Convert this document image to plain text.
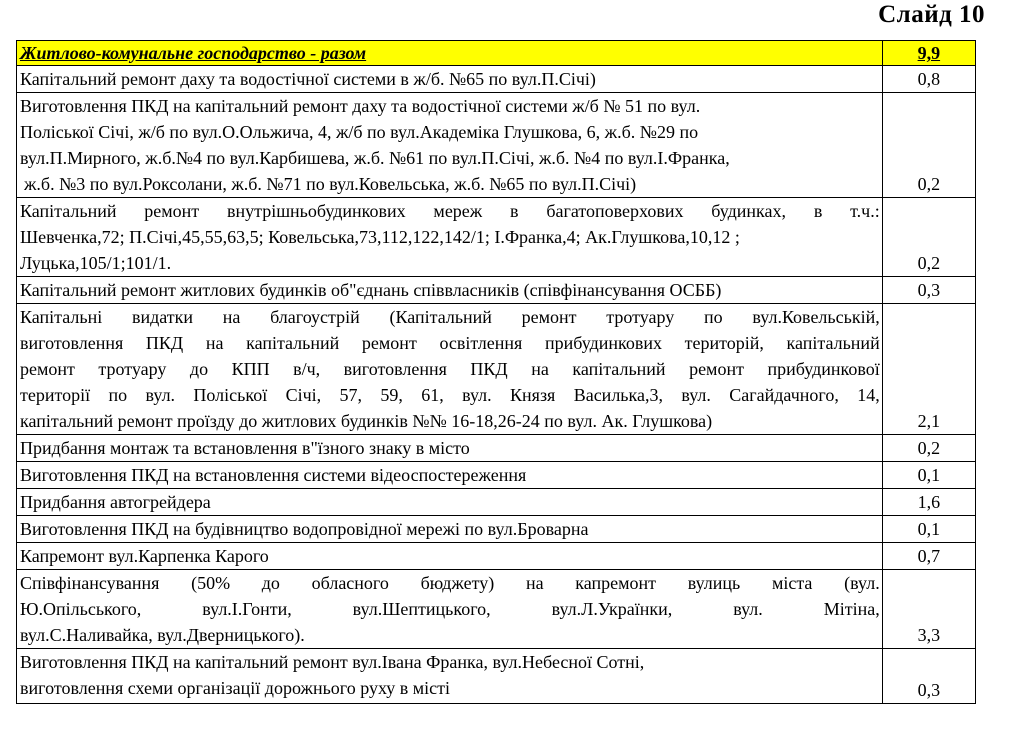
Слайд 10
Житлово-комунальне господарство - разом	9,9

Капітальний ремонт даху та водостічної системи в ж/б. №65 по вул.П.Січі)	0,8

Виготовлення ПКД на капітальний ремонт даху та водостічної системи ж/б № 51 по вул.
Поліської Січі, ж/б по вул.О.Ольжича, 4, ж/б по вул.Академіка Глушкова, 6, ж.б. №29 по
вул.П.Мирного, ж.б.№4 по вул.Карбишева, ж.б. №61 по вул.П.Січі, ж.б. №4 по вул.І.Франка,
ж.б. №3 по вул.Роксолани, ж.б. №71 по вул.Ковельська, ж.б. №65 по вул.П.Січі)	0,2

Капітальний ремонт внутрішньобудинкових мереж в багатоповерхових будинках, в т.ч.:
Шевченка,72; П.Січі,45,55,63,5; Ковельська,73,112,122,142/1; І.Франка,4; Ак.Глушкова,10,12 ;
Луцька,105/1;101/1.	0,2

Капітальний ремонт житлових будинків об"єднань співвласників (співфінансування ОСББ)	0,3

Капітальні видатки на благоустрій (Капітальний ремонт тротуару по вул.Ковельській,
виготовлення ПКД на капітальний ремонт освітлення прибудинкових територій, капітальний
ремонт тротуару до КПП в/ч, виготовлення ПКД на капітальний ремонт прибудинкової
території по вул. Поліської Січі, 57, 59, 61, вул. Князя Василька,3, вул. Сагайдачного, 14,
капітальний ремонт проїзду до житлових будинків №№ 16-18,26-24 по вул. Ак. Глушкова)	2,1

Придбання монтаж та встановлення в"їзного знаку в місто	0,2

Виготовлення ПКД на встановлення системи відеоспостереження	0,1

Придбання автогрейдера	1,6

Виготовлення ПКД на будівництво водопровідної мережі по вул.Броварна	0,1

Капремонт вул.Карпенка Карого	0,7

Співфінансування (50% до обласного бюджету) на капремонт вулиць міста (вул.
Ю.Опільського, вул.І.Гонти, вул.Шептицького, вул.Л.Українки, вул. Мітіна,
вул.С.Наливайка, вул.Дверницького).	3,3

Виготовлення ПКД на капітальний ремонт вул.Івана Франка, вул.Небесної Сотні,
виготовлення схеми організації дорожнього руху в місті	0,3
